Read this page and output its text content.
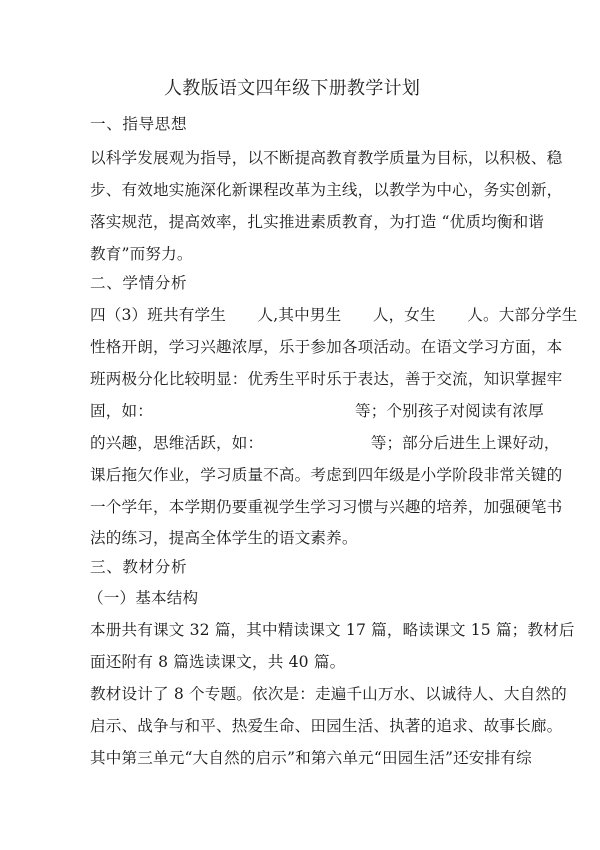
人教版语文四年级下册教学计划
一、指导思想
以科学发展观为指导，以不断提高教育教学质量为目标，以积极、稳
步、有效地实施深化新课程改革为主线，以教学为中心，务实创新，
落实规范，提高效率，扎实推进素质教育，为打造 “优质均衡和谐
教育”而努力。
二、学情分析
四（3）班共有学生　　人,其中男生　　人，女生　　人。大部分学生
性格开朗，学习兴趣浓厚，乐于参加各项活动。在语文学习方面，本
班两极分化比较明显：优秀生平时乐于表达，善于交流，知识掌握牢
固，如：　　　　　　　　　　　　　 等；个别孩子对阅读有浓厚
的兴趣，思维活跃，如：　　　　　　　 等；部分后进生上课好动，
课后拖欠作业，学习质量不高。考虑到四年级是小学阶段非常关键的
一个学年，本学期仍要重视学生学习习惯与兴趣的培养，加强硬笔书
法的练习，提高全体学生的语文素养。
三、教材分析
（一）基本结构
本册共有课文 32 篇，其中精读课文 17 篇，略读课文 15 篇；教材后
面还附有 8 篇选读课文，共 40 篇。
教材设计了 8 个专题。依次是：走遍千山万水、以诚待人、大自然的
启示、战争与和平、热爱生命、田园生活、执著的追求、故事长廊。
其中第三单元“大自然的启示”和第六单元“田园生活”还安排有综
